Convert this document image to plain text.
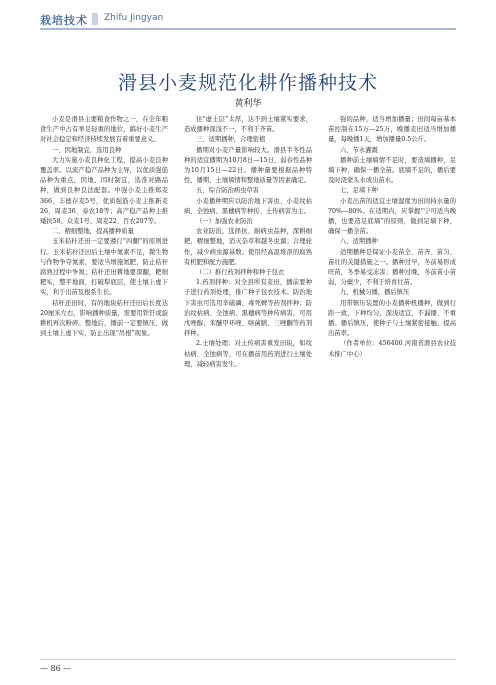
栽培技术 Zhifu Jingyan
滑县小麦规范化耕作播种技术
黄利华

小麦是滑县主要粮食作物之一，在全年粮食生产中占有举足轻重的地位，搞好小麦生产对社会稳定和经济持续发展有着重要意义。

一、因地制宜，选用良种

大力实施小麦良种化工程，提高小麦良种覆盖率。以流产稳产品种为主导，以优质强筋品种为重点，因地、因时制宜，选准对路品种，做到良种良法配套。中强小麦主推郑麦366、丰德存麦5号，优质强筋小麦主推新麦26、周麦36、泰农18等；高产稳产品种主推矮抗58、众麦1号、周麦22、百农207等。

二、精细整地，提高播种质量

玉米秸秆还田一定要遵行“四翻”的原则进行。玉米秸秆还田后土壤中氮素不足，微生物与作物争夺氮素，要适当增施氮肥，防止秸秆腐熟过程中争氮；秸秆还田耕地要深翻，耙细耙实，整平地面，打破犁底层，使土壤上虚下实，利于出苗及根系生长。

秸秆还田时，有的地块秸秆还田后长度达20厘米左右，影响播种质量，需要用铁钎或旋耕机再次粉碎。整地后，播前一定要镇压，做到土壤上虚下实，防止出现“吊根”现象。

往“虚土层”太厚，达不到土壤紧实要求，造成播种深浅不一，不利于齐苗。

三、适期播种，合理密植

播期对小麦产量影响较大。滑县半冬性品种的适宜播期为10月8日—15日，弱春性品种为10月15日—22日。播种量要根据品种特性、播期、土壤墒情和整地质量等因素确定。

五、综合防治病虫草害

小麦播种期应以防治地下害虫、小麦纹枯病、全蚀病、黑穗病等种传、土传病害为主。

（一）加强农业防治

农业防治，选择抗、耐病虫品种，深耕细耙，精细整地，消灭杂草和越冬虫源；合理轮作，减少病虫源基数；使用经高温堆沤的腐熟有机肥和配方施肥。

（二）推行药剂拌种和种子包衣

1.药剂拌种：对全县所有麦田，播前要种子进行药剂处理，推广种子包衣技术。防治地下害虫可选用辛硫磷、毒死蜱等药剂拌种；防治纹枯病、全蚀病、黑穗病等种传病害，可用戊唑醇、苯醚甲环唑、咯菌腈、三唑酮等药剂拌种。

2.土壤处理：对土传病害重发田块，如纹枯病、全蚀病等，可在播前用药剂进行土壤处理，减轻病害发生。

强的品种，适当增加播量；田间每亩基本苗控制在15万—25万，晚播麦田适当增加播量，每晚播1天，增加播量0.5公斤。

六、节水灌溉

播种前土壤墒情不足时，要造墒播种，足墒下种，确保一播全苗。底墒不足的，播后要及时浇蒙头水或出苗水。

七、足墒下种

小麦出苗的适宜土壤湿度为田间持水量的70%—80%。在适期内，应掌握“宁可适当晚播，也要造足底墒”的原则，做到足墒下种，确保一播全苗。

八、适期播种

适期播种是保证小麦苗全、苗齐、苗匀、苗壮的关键措施之一。播种过早，冬前易形成旺苗，冬季易受冻害；播种过晚，冬前苗小苗弱，分蘖少，不利于培育壮苗。

九、机械匀播，播后镇压

用带镇压装置的小麦播种机播种，做到行距一致，下种均匀，深浅适宜，不漏播、不重播。播后镇压，使种子与土壤紧密接触，提高出苗率。

（作者单位：456400 河南省滑县农业技术推广中心）

— 86 —
